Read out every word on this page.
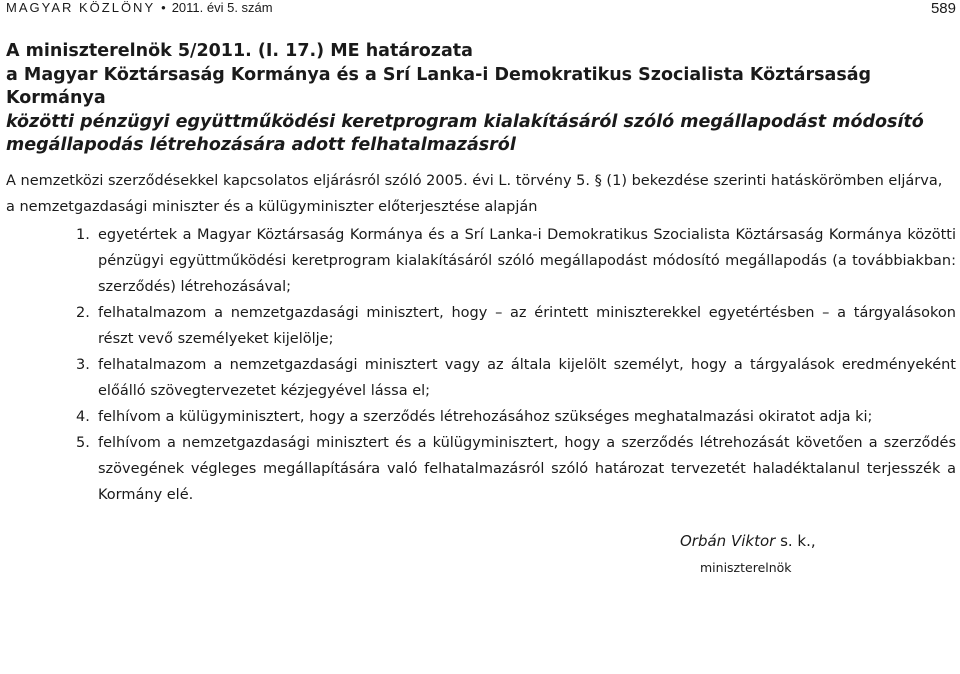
MAGYAR KÖZLÖNY • 2011. évi 5. szám	589
A miniszterelnök 5/2011. (I. 17.) ME határozata
a Magyar Köztársaság Kormánya és a Srí Lanka-i Demokratikus Szocialista Köztársaság Kormánya
közötti pénzügyi együttműködési keretprogram kialakításáról szóló megállapodást módosító
megállapodás létrehozására adott felhatalmazásról
A nemzetközi szerződésekkel kapcsolatos eljárásról szóló 2005. évi L. törvény 5. § (1) bekezdése szerinti hatáskörömben eljárva,
a nemzetgazdasági miniszter és a külügyminiszter előterjesztése alapján
1. egyetértek a Magyar Köztársaság Kormánya és a Srí Lanka-i Demokratikus Szocialista Köztársaság Kormánya közötti pénzügyi együttműködési keretprogram kialakításáról szóló megállapodást módosító megállapodás (a továbbiakban: szerződés) létrehozásával;
2. felhatalmazom a nemzetgazdasági minisztert, hogy – az érintett miniszterekkel egyetértésben – a tárgyalásokon részt vevő személyeket kijelölje;
3. felhatalmazom a nemzetgazdasági minisztert vagy az általa kijelölt személyt, hogy a tárgyalások eredményeként előálló szövegtervezetet kézjegyével lássa el;
4. felhívom a külügyminisztert, hogy a szerződés létrehozásához szükséges meghatalmazási okiratot adja ki;
5. felhívom a nemzetgazdasági minisztert és a külügyminisztert, hogy a szerződés létrehozását követően a szerződés szövegének végleges megállapítására való felhatalmazásról szóló határozat tervezetét haladéktalanul terjesszék a Kormány elé.
Orbán Viktor s. k.,
miniszterelnök
